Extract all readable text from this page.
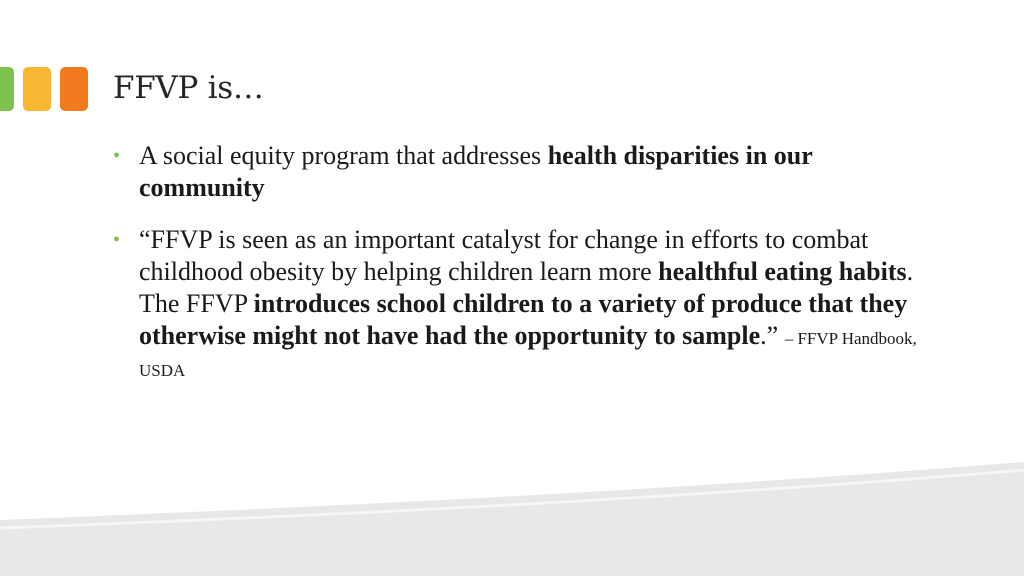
FFVP is…
• A social equity program that addresses health disparities in our community
• “FFVP is seen as an important catalyst for change in efforts to combat childhood obesity by helping children learn more healthful eating habits. The FFVP introduces school children to a variety of produce that they otherwise might not have had the opportunity to sample.” – FFVP Handbook, USDA
